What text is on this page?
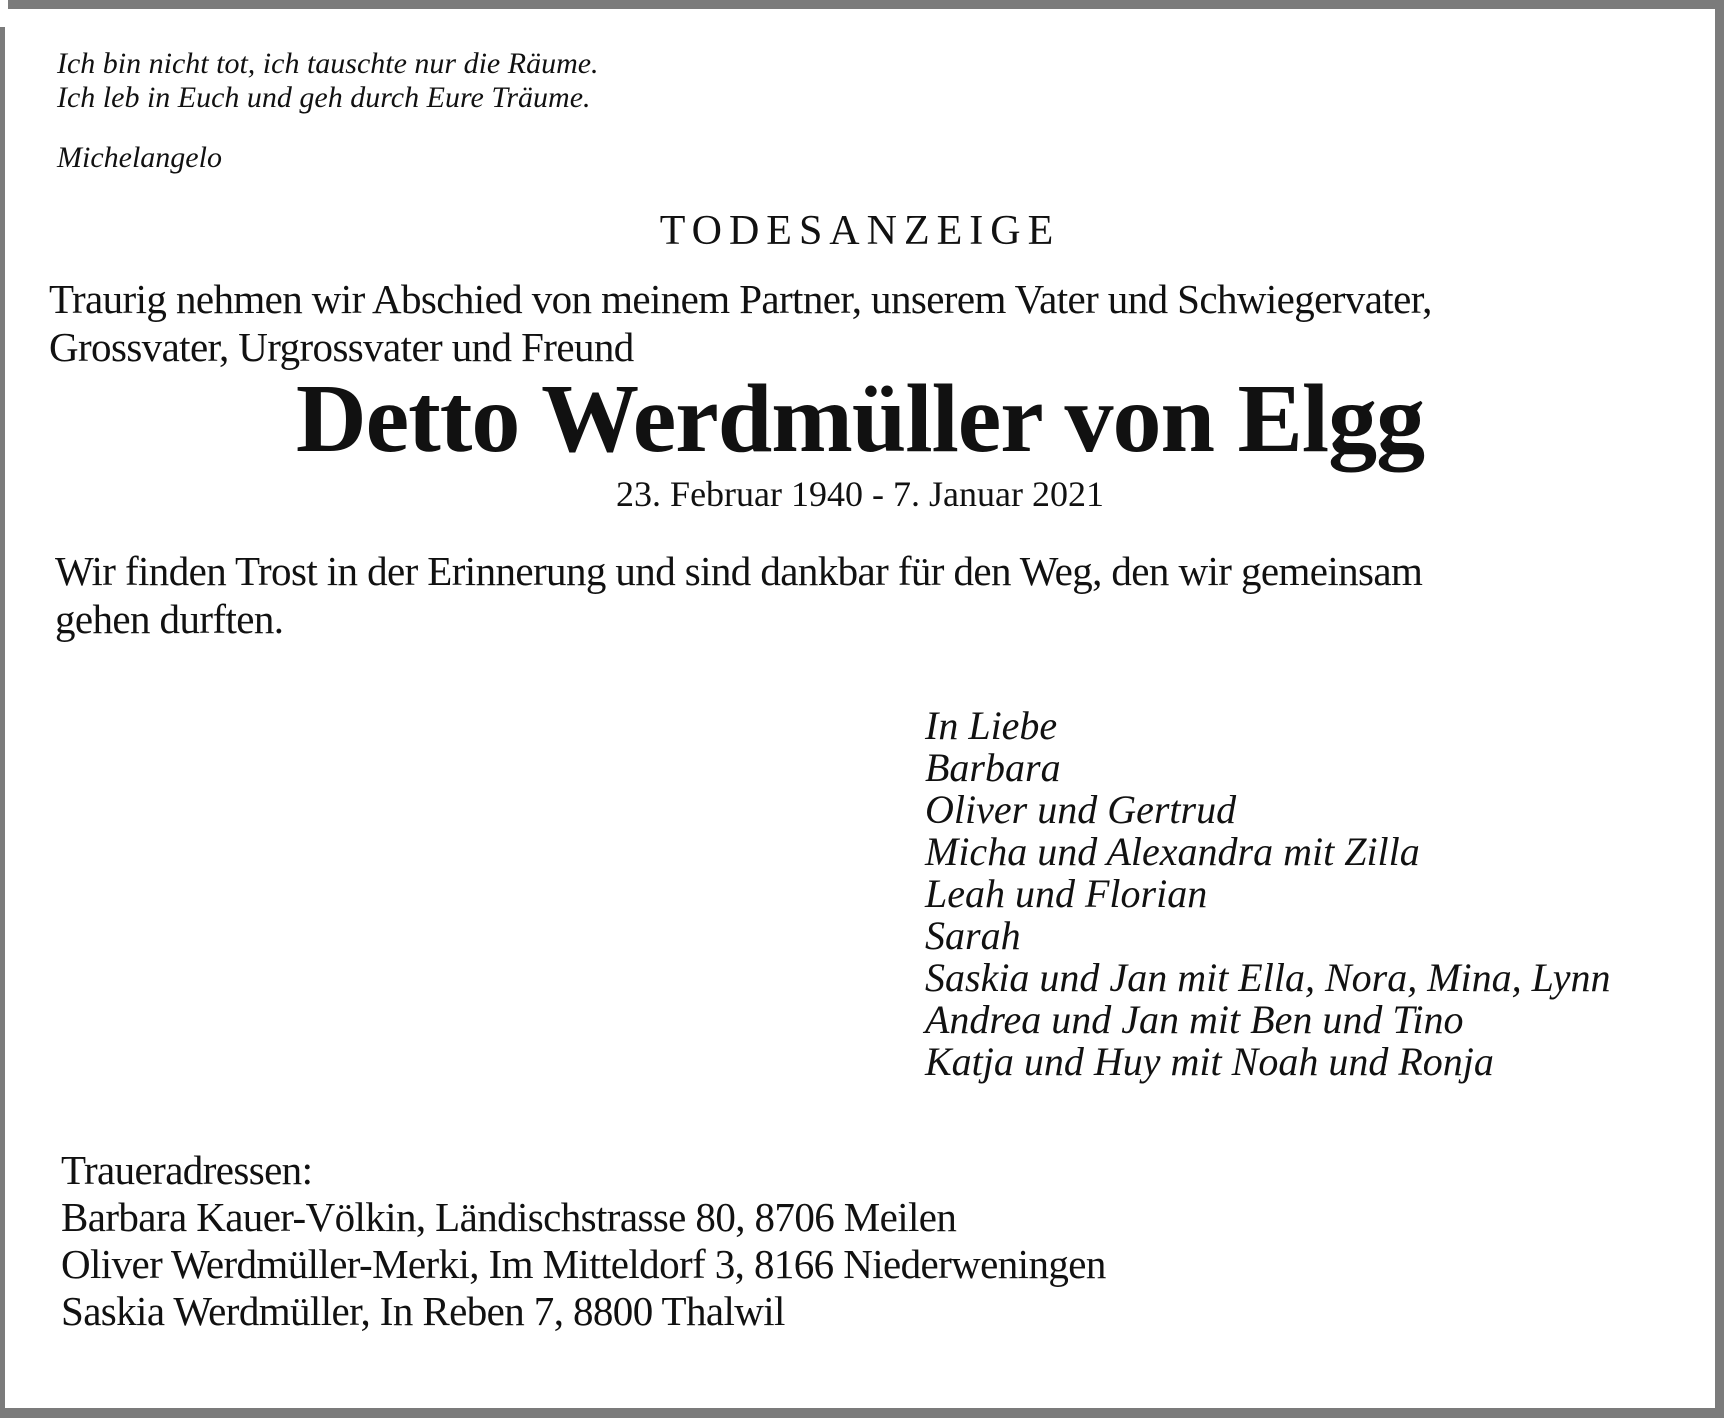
Ich bin nicht tot, ich tauschte nur die Räume.
Ich leb in Euch und geh durch Eure Träume.
Michelangelo
TODESANZEIGE
Traurig nehmen wir Abschied von meinem Partner, unserem Vater und Schwiegervater,
Grossvater, Urgrossvater und Freund
Detto Werdmüller von Elgg
23. Februar 1940 - 7. Januar 2021
Wir finden Trost in der Erinnerung und sind dankbar für den Weg, den wir gemeinsam
gehen durften.
In Liebe
Barbara
Oliver und Gertrud
Micha und Alexandra mit Zilla
Leah und Florian
Sarah
Saskia und Jan mit Ella, Nora, Mina, Lynn
Andrea und Jan mit Ben und Tino
Katja und Huy mit Noah und Ronja
Traueradressen:
Barbara Kauer-Völkin, Ländischstrasse 80, 8706 Meilen
Oliver Werdmüller-Merki, Im Mitteldorf 3, 8166 Niederweningen
Saskia Werdmüller, In Reben 7, 8800 Thalwil
